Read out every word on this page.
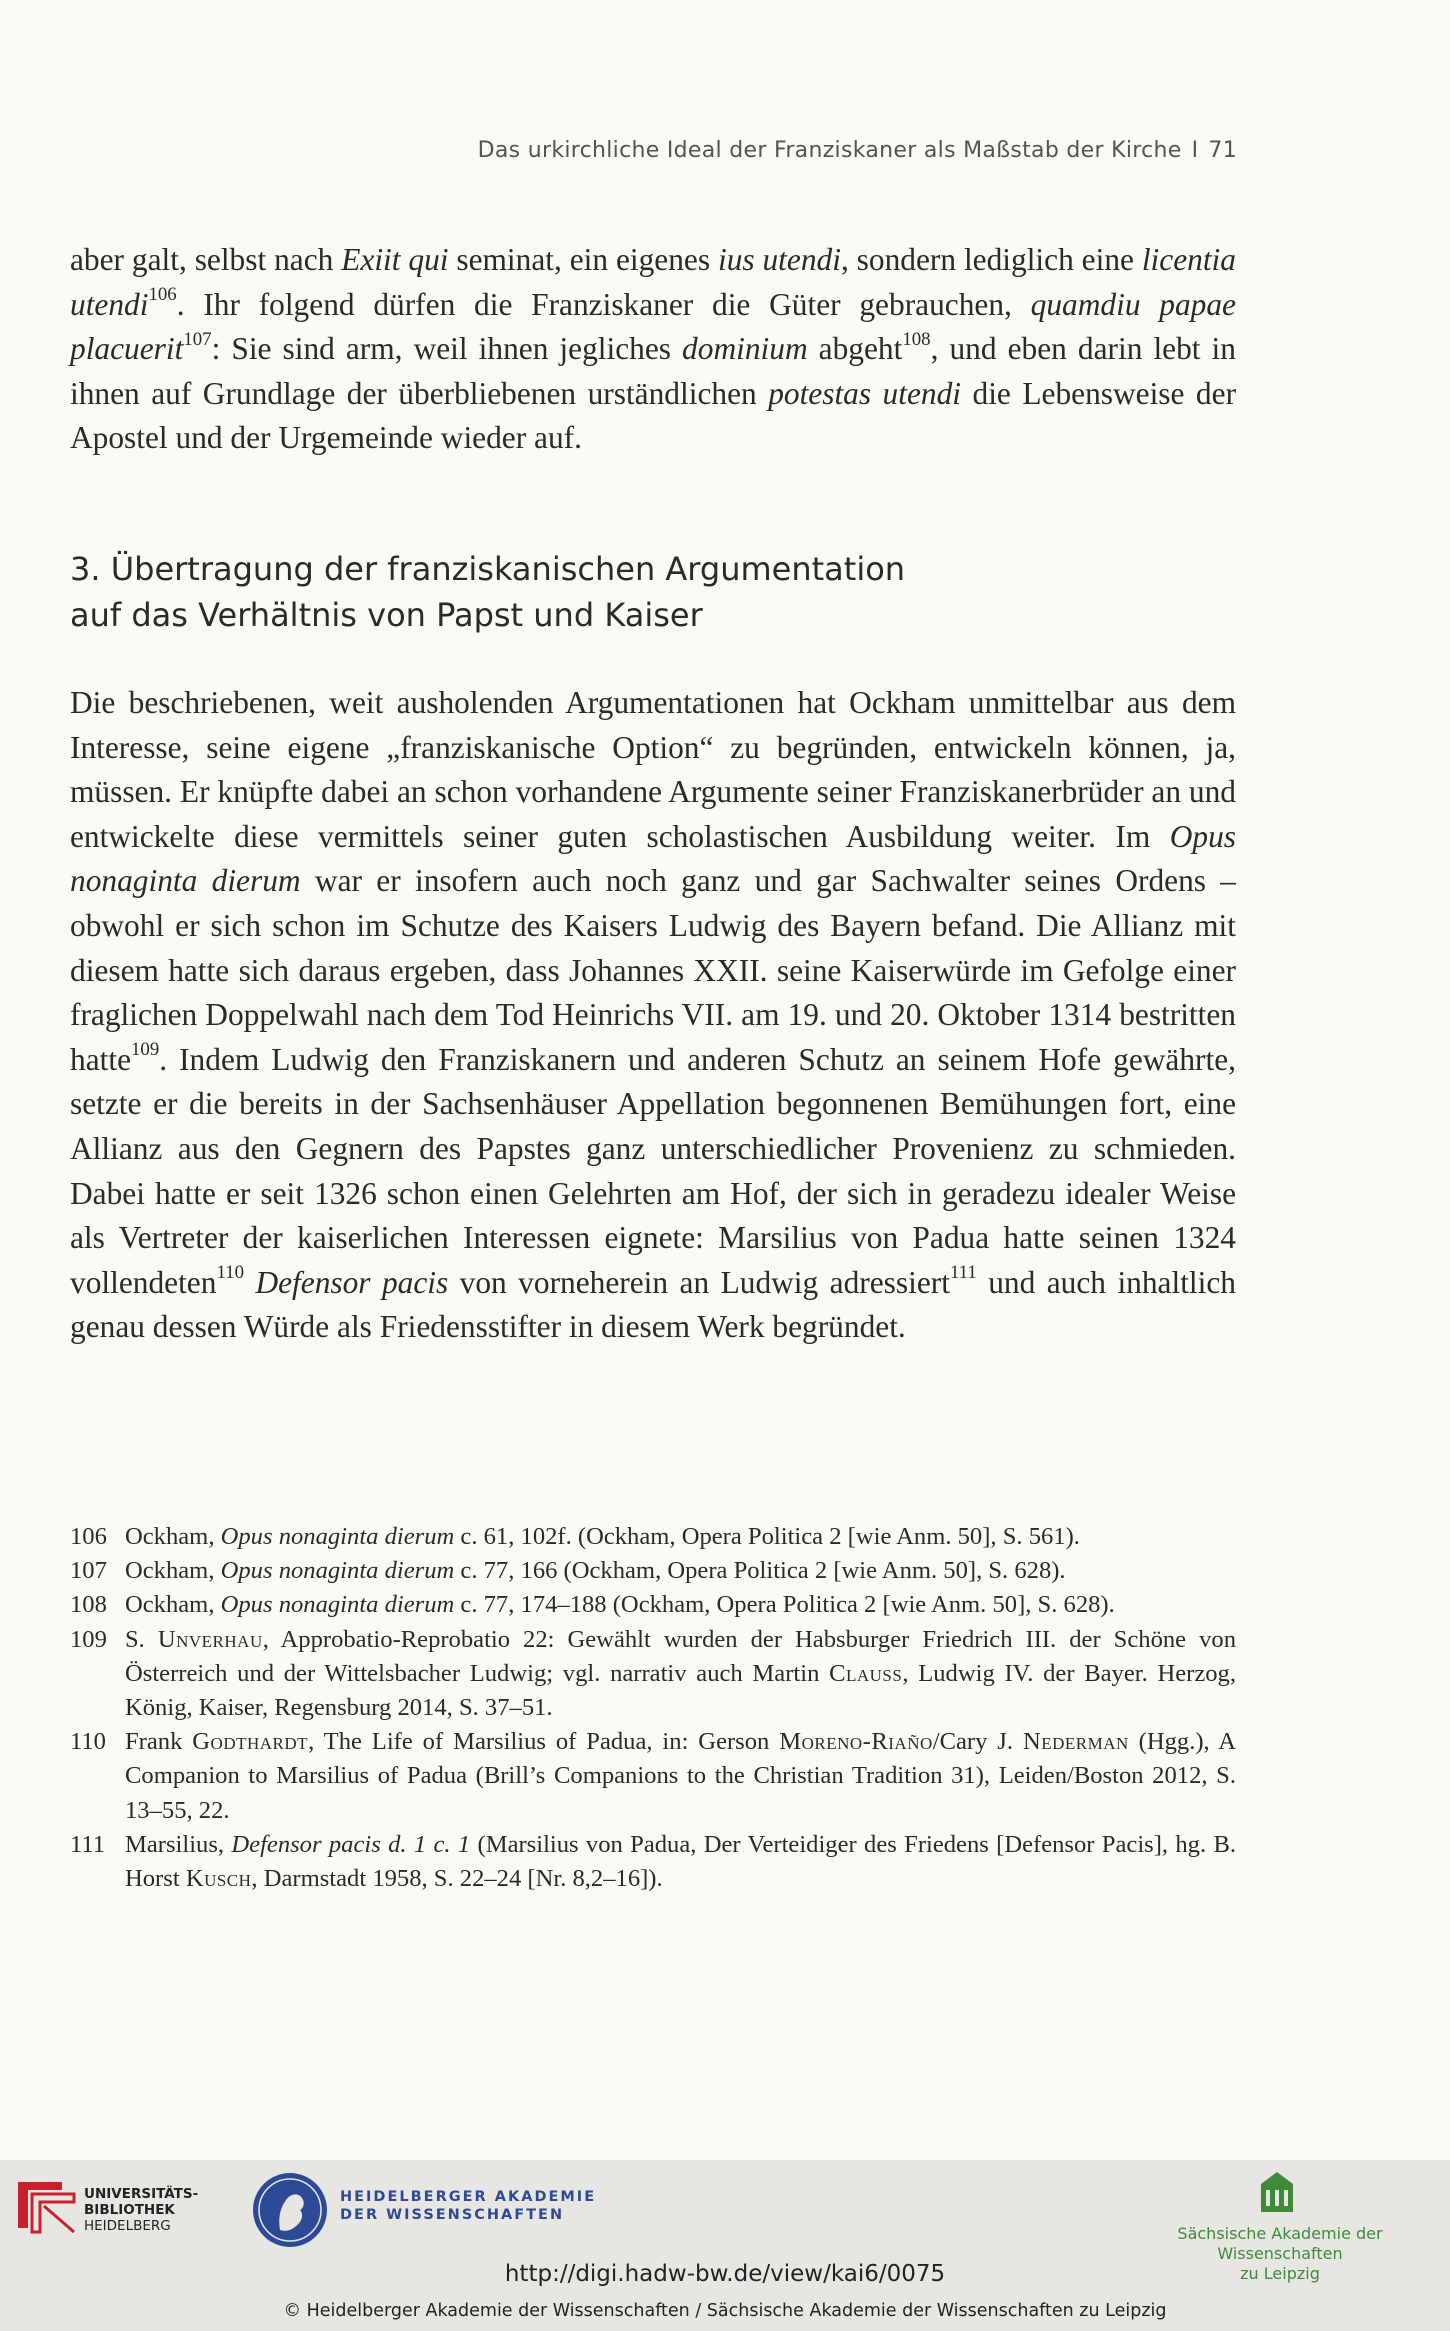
Das urkirchliche Ideal der Franziskaner als Maßstab der Kirche I 71

aber galt, selbst nach Exiit qui seminat, ein eigenes ius utendi, sondern lediglich eine licentia utendi$^{106}$. Ihr folgend dürfen die Franziskaner die Güter gebrauchen, quamdiu papae placuerit$^{107}$: Sie sind arm, weil ihnen jegliches dominium abgeht$^{108}$, und eben darin lebt in ihnen auf Grundlage der überbliebenen urständlichen potestas utendi die Lebensweise der Apostel und der Urgemeinde wieder auf.

3. Übertragung der franziskanischen Argumentation
auf das Verhältnis von Papst und Kaiser

Die beschriebenen, weit ausholenden Argumentationen hat Ockham unmittelbar aus dem Interesse, seine eigene „franziskanische Option“ zu begründen, entwickeln können, ja, müssen. Er knüpfte dabei an schon vorhandene Argumente seiner Franziskanerbrüder an und entwickelte diese vermittels seiner guten scholastischen Ausbildung weiter. Im Opus nonaginta dierum war er insofern auch noch ganz und gar Sachwalter seines Ordens – obwohl er sich schon im Schutze des Kaisers Ludwig des Bayern befand. Die Allianz mit diesem hatte sich daraus ergeben, dass Johannes XXII. seine Kaiserwürde im Gefolge einer fraglichen Doppelwahl nach dem Tod Heinrichs VII. am 19. und 20. Oktober 1314 bestritten hatte$^{109}$. Indem Ludwig den Franziskanern und anderen Schutz an seinem Hofe gewährte, setzte er die bereits in der Sachsenhäuser Appellation begonnenen Bemühungen fort, eine Allianz aus den Gegnern des Papstes ganz unterschiedlicher Provenienz zu schmieden. Dabei hatte er seit 1326 schon einen Gelehrten am Hof, der sich in geradezu idealer Weise als Vertreter der kaiserlichen Interessen eignete: Marsilius von Padua hatte seinen 1324 vollendeten$^{110}$ Defensor pacis von vorneherein an Ludwig adressiert$^{111}$ und auch inhaltlich genau dessen Würde als Friedensstifter in diesem Werk begründet.

106 Ockham, Opus nonaginta dierum c. 61, 102f. (Ockham, Opera Politica 2 [wie Anm. 50], S. 561).
107 Ockham, Opus nonaginta dierum c. 77, 166 (Ockham, Opera Politica 2 [wie Anm. 50], S. 628).
108 Ockham, Opus nonaginta dierum c. 77, 174–188 (Ockham, Opera Politica 2 [wie Anm. 50], S. 628).
109 S. Unverhau, Approbatio-Reprobatio 22: Gewählt wurden der Habsburger Friedrich III. der Schöne von Österreich und der Wittelsbacher Ludwig; vgl. narrativ auch Martin Clauss, Ludwig IV. der Bayer. Herzog, König, Kaiser, Regensburg 2014, S. 37–51.
110 Frank Godthardt, The Life of Marsilius of Padua, in: Gerson Moreno-Riaño/Cary J. Nederman (Hgg.), A Companion to Marsilius of Padua (Brill’s Companions to the Christian Tradition 31), Leiden/Boston 2012, S. 13–55, 22.
111 Marsilius, Defensor pacis d. 1 c. 1 (Marsilius von Padua, Der Verteidiger des Friedens [Defensor Pacis], hg. B. Horst Kusch, Darmstadt 1958, S. 22–24 [Nr. 8,2–16]).
UNIVERSITÄTS-
BIBLIOTHEK
HEIDELBERG
HEIDELBERGER AKADEMIE
DER WISSENSCHAFTEN
Sächsische Akademie der Wissenschaften
zu Leipzig
http://digi.hadw-bw.de/view/kai6/0075
© Heidelberger Akademie der Wissenschaften / Sächsische Akademie der Wissenschaften zu Leipzig
